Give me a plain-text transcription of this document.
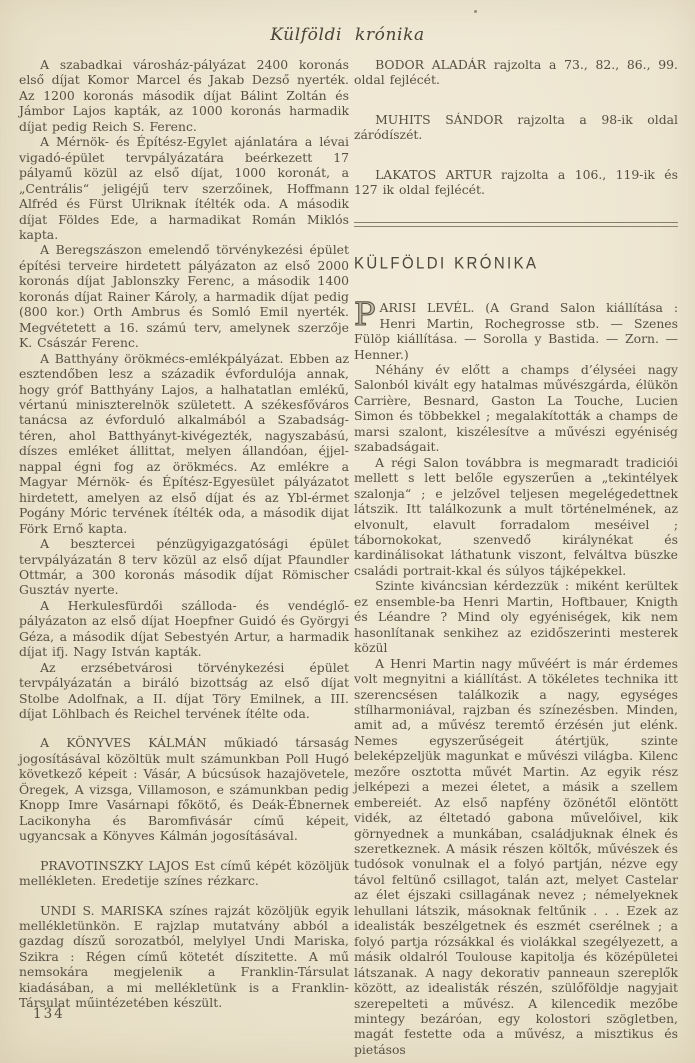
Külföldi krónika

A szabadkai városház-pályázat 2400 koronás első díjat Komor Marcel és Jakab Dezső nyerték. Az 1200 koronás második díjat Bálint Zoltán és Jámbor Lajos kapták, az 1000 koronás harmadik díjat pedig Reich S. Ferenc.

A Mérnök- és Építész-Egylet ajánlatára a lévai vigadó-épület tervpályázatára beérkezett 17 pályamű közül az első díjat, 1000 koronát, a „Centrális“ jeligéjű terv szerzőinek, Hoffmann Alfréd és Fürst Ulriknak ítélték oda. A második díjat Földes Ede, a harmadikat Román Miklós kapta.

A Beregszászon emelendő törvénykezési épület építési terveire hirdetett pályázaton az első 2000 koronás díjat Jablonszky Ferenc, a második 1400 koronás díjat Rainer Károly, a harmadik díjat pedig (800 kor.) Orth Ambrus és Somló Emil nyerték. Megvétetett a 16. számú terv, amelynek szerzője K. Császár Ferenc.

A Batthyány örökmécs-emlékpályázat. Ebben az esztendőben lesz a századik évfordulója annak, hogy gróf Batthyány Lajos, a halhatatlan emlékű, vértanú miniszterelnök született. A székesfőváros tanácsa az évforduló alkalmából a Szabadság-téren, ahol Batthyányt-kivégezték, nagyszabású, díszes emléket állittat, melyen állandóan, éjjel-nappal égni fog az örökmécs. Az emlékre a Magyar Mérnök- és Építész-Egyesület pályázatot hirdetett, amelyen az első díjat és az Ybl-érmet Pogány Móric tervének ítélték oda, a második dijat Förk Ernő kapta.

A besztercei pénzügyigazgatósági épület tervpályázatán 8 terv közül az első díjat Pfaundler Ottmár, a 300 koronás második díjat Römischer Gusztáv nyerte.

A Herkulesfürdői szálloda- és vendéglő-pályázaton az első díjat Hoepfner Guidó és Györgyi Géza, a második díjat Sebestyén Artur, a harmadik díjat ifj. Nagy István kapták.

Az erzsébetvárosi törvénykezési épület tervpályázatán a biráló bizottság az első díjat Stolbe Adolfnak, a II. díjat Töry Emilnek, a III. díjat Löhlbach és Reichel tervének ítélte oda.

A KÖNYVES KÁLMÁN műkiadó társaság jogosításával közöltük mult számunkban Poll Hugó következő képeit : Vásár, A búcsúsok hazajövetele, Öregek, A vizsga, Villamoson, e számunkban pedig Knopp Imre Vasárnapi főkötő, és Deák-Ébnernek Lacikonyha és Baromfivásár című képeit, ugyancsak a Könyves Kálmán jogosításával.

PRAVOTINSZKY LAJOS Est című képét közöljük mellékleten. Eredetije színes rézkarc.

UNDI S. MARISKA színes rajzát közöljük egyik mellékletünkön. E rajzlap mutatvány abból a gazdag díszű sorozatból, melylyel Undi Mariska, Szikra : Régen című kötetét díszitette. A mű nemsokára megjelenik a Franklin-Társulat kiadásában, a mi mellékletünk is a Franklin-Társulat műintézetében készült.

BODOR ALADÁR rajzolta a 73., 82., 86., 99. oldal fejlécét.

MUHITS SÁNDOR rajzolta a 98-ik oldal záródíszét.

LAKATOS ARTUR rajzolta a 106., 119-ik és 127 ik oldal fejlécét.

KÜLFÖLDI KRÓNIKA

PARISI LEVÉL. (A Grand Salon kiállítása : Henri Martin, Rochegrosse stb. — Szenes Fülöp kiállítása. — Sorolla y Bastida. — Zorn. — Henner.)

Néhány év előtt a champs d’élyséei nagy Salonból kivált egy hatalmas művészgárda, élükön Carrière, Besnard, Gaston La Touche, Lucien Simon és többekkel ; megalakították a champs de marsi szalont, kiszélesítve a művészi egyéniség szabadságait.

A régi Salon továbbra is megmaradt tradiciói mellett s lett belőle egyszerűen a „tekintélyek szalonja“ ; e jelzővel teljesen megelégedettnek látszik. Itt találkozunk a mult történelmének, az elvonult, elavult forradalom meséivel ; tábornokokat, szenvedő királynékat és kardinálisokat láthatunk viszont, felváltva büszke családi portrait-kkal és súlyos tájképekkel.

Szinte kiváncsian kérdezzük : miként kerültek ez ensemble-ba Henri Martin, Hoftbauer, Knigth és Léandre ? Mind oly egyéniségek, kik nem hasonlítanak senkihez az ezidőszerinti mesterek közül

A Henri Martin nagy művéért is már érdemes volt megnyitni a kiállítást. A tökéletes technika itt szerencsésen találkozik a nagy, egységes stílharmoniával, rajzban és színezésben. Minden, amit ad, a művész teremtő érzésén jut elénk. Nemes egyszerűségeit átértjük, szinte beleképzeljük magunkat e művészi világba. Kilenc mezőre osztotta művét Martin. Az egyik rész jelképezi a mezei életet, a másik a szellem embereiét. Az első napfény özönétől elöntött vidék, az éltetadó gabona művelőivel, kik görnyednek a munkában, családjuknak élnek és szeretkeznek. A másik részen költők, művészek és tudósok vonulnak el a folyó partján, nézve egy távol feltünő csillagot, talán azt, melyet Castelar az élet éjszaki csillagának nevez ; némelyeknek lehullani látszik, másoknak feltűnik . . . Ezek az idealisták beszélgetnek és eszmét cserélnek ; a folyó partja rózsákkal és violákkal szegélyezett, a másik oldalról Toulouse kapitolja és középületei látszanak. A nagy dekorativ panneaun szereplők között, az idealisták részén, szülőföldje nagyjait szerepelteti a művész. A kilencedik mezőbe mintegy bezáróan, egy kolostori szögletben, magát festette oda a művész, a misztikus és pietásos

134
